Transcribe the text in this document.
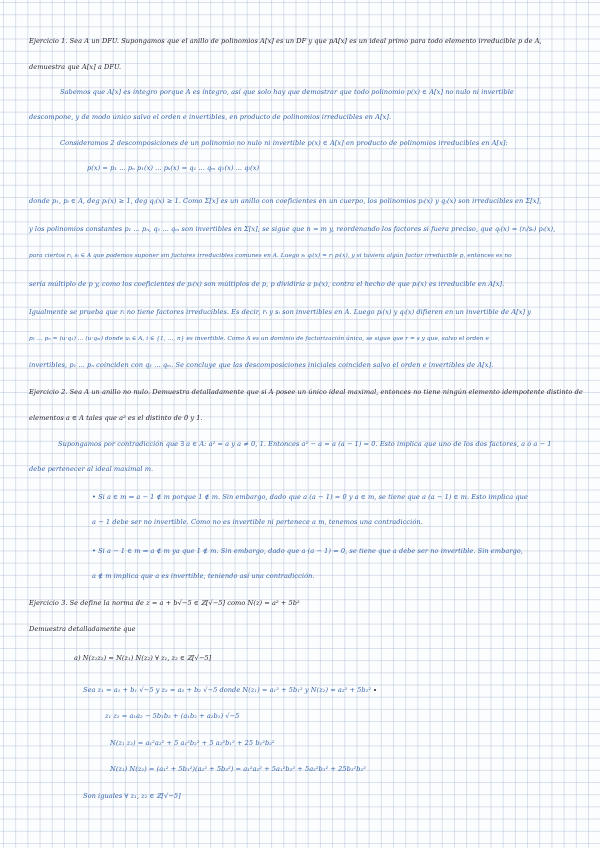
Ejercicio 1. Sea A un DFU. Supongamos que el anillo de polinomios A[x] es un DF y que pA[x] es un ideal primo para todo elemento irreducible p de A,
demuestra que A[x] a DFU.
Sabemos que A[x] es íntegro porque A es íntegro, así que solo hay que demostrar que todo polinomio p(x) ∈ A[x] no nulo ni invertible
descompone, y de modo único salvo el orden e invertibles, en producto de polinomios irreducibles en A[x].
Consideramos 2 descomposiciones de un polinomio no nulo ni invertible p(x) ∈ A[x] en producto de polinomios irreducibles en A[x]:
p(x) = p₁ ... pₙ p₁(x) ... pₖ(x) = q₁ ... qₘ q₁(x) ... qₗ(x)
donde p₁, pᵢ ∈ A, deg pᵢ(x) ≥ 1, deg qⱼ(x) ≥ 1. Como Σ[x] es un anillo con coeficientes en un cuerpo, los polinomios pᵢ(x) y qⱼ(x) son irreducibles en Σ[x],
y los polinomios constantes p₁ ... pₙ, q₁ ... qₘ son invertibles en Σ[x], se sigue que n = m y, reordenando los factores si fuera preciso, que qᵢ(x) = (rᵢ/sᵢ) pᵢ(x),
para ciertos rᵢ, sᵢ ∈ A que podemos suponer sin factores irreducibles comunes en A. Luego sᵢ qᵢ(x) = rᵢ pᵢ(x), y si tuviera algún factor irreducible p, entonces es no
sería múltiplo de p y, como los coeficientes de pᵢ(x) son múltiplos de p, p dividiría a pᵢ(x), contra el hecho de que pᵢ(x) es irreducible en A[x].
Igualmente se prueba que rᵢ no tiene factores irreducibles. Es decir, rᵢ y sᵢ son invertibles en A. Luego pᵢ(x) y qᵢ(x) difieren en un invertible de A[x] y
p₁ ... pₙ = (u·q₁) ... (u·qₘ) donde uᵢ ∈ A, i ∈ {1, ..., n} es invertible. Como A es un dominio de factorización única, se sigue que r = s y que, salvo el orden e
invertibles, p₁ ... pₙ coinciden con q₁ ... qₘ. Se concluye que las descomposiciones iniciales coinciden salvo el orden e invertibles de A[x].
Ejercicio 2. Sea A un anillo no nulo. Demuestra detalladamente que si A posee un único ideal maximal, entonces no tiene ningún elemento idempotente distinto de
elementos a ∈ A tales que a² es el distinto de 0 y 1.
Supongamos por contradicción que ∃ a ∈ A: a² = a y a ≠ 0, 1. Entonces a² − a = a (a − 1) = 0. Esto implica que uno de los dos factores, a ó a − 1
debe pertenecer al ideal maximal m.
• Si a ∈ m ⇒ a − 1 ∉ m porque 1 ∉ m. Sin embargo, dado que a (a − 1) = 0 y a ∈ m, se tiene que a (a − 1) ∈ m. Esto implica que
a − 1 debe ser no invertible. Como no es invertible ni pertenece a m, tenemos una contradicción.
• Si a − 1 ∈ m ⇒ a ∉ m ya que 1 ∉ m. Sin embargo, dado que a (a − 1) = 0, se tiene que a debe ser no invertible. Sin embargo,
a ∉ m implica que a es invertible, teniendo así una contradicción.
Ejercicio 3. Se define la norma de z = a + b√−5 ∈ ℤ[√−5] como N(z) = a² + 5b²
Demuestra detalladamente que
a) N(z₁z₂) = N(z₁) N(z₂) ∀ z₁, z₂ ∈ ℤ[√−5]
Sea z₁ = a₁ + b₁ √−5 y z₂ = a₂ + b₂ √−5 donde N(z₁) = a₁² + 5b₁² y N(z₂) = a₂² + 5b₂²
z₁ z₂ = a₁a₂ − 5b₁b₂ + (a₁b₂ + a₂b₁) √−5
N(z₁ z₂) = a₁²a₂² + 5 a₁²b₂² + 5 a₂²b₁² + 25 b₁²b₂²
N(z₁) N(z₂) = (a₁² + 5b₁²)(a₂² + 5b₂²) = a₁²a₂² + 5a₁²b₂² + 5a₂²b₁² + 25b₁²b₂²
Son iguales ∀ z₁, z₂ ∈ ℤ[√−5]
